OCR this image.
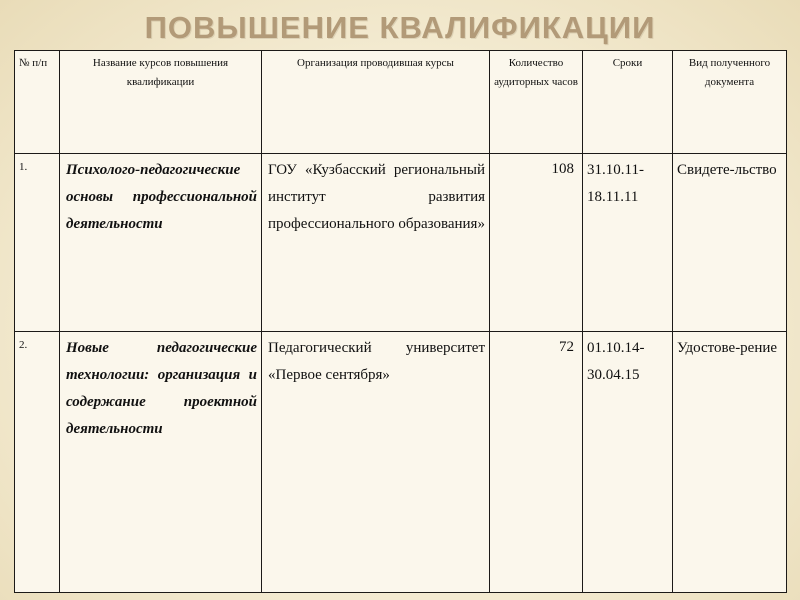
ПОВЫШЕНИЕ КВАЛИФИКАЦИИ
№ п/п	Название курсов повышения квалификации	Организация проводившая курсы	Количество аудиторных часов	Сроки	Вид полученного документа
1.	Психолого-педагогические основы профессиональной деятельности	ГОУ «Кузбасский региональный институт развития профессионального образования»	108	31.10.11-18.11.11	Свидете-льство
2.	Новые педагогические технологии: организация и содержание проектной деятельности	Педагогический университет «Первое сентября»	72	01.10.14-30.04.15	Удостове-рение
